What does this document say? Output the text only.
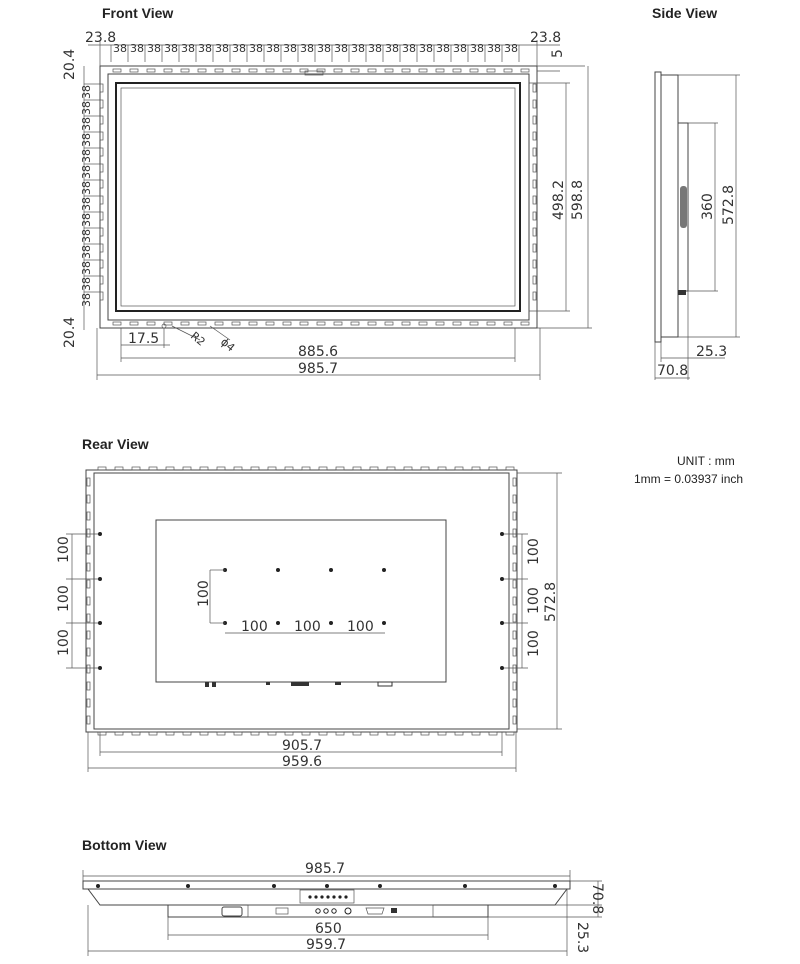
Front View	Side View
Rear View
Bottom View
UNIT : mm
1mm = 0.03937 inch
38 38 38 38 38 38 38 38 38 38 38 38 38 38 38 38 38 38 38 38 38 38 38 38
23.8	23.8
5
20.4
20.4
38
38
38
38
38
38
38
38
38
38
38
38
38
38
498.2 598.8
885.6
985.7
17.5	R2 ϕ4
360 572.8
25.3
70.8
100
100 100 100
100
100
100
100
100
100
572.8
905.7
959.6
985.7
650
959.7
70.8
25.3
